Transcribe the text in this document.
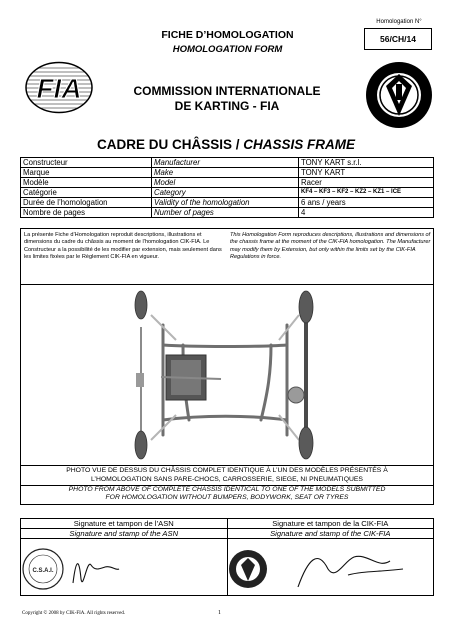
FICHE D’HOMOLOGATION
HOMOLOGATION FORM
Homologation N°
56/CH/14
FIA	COMMISSION INTERNATIONALE
DE KARTING - FIA
CADRE DU CHÂSSIS / CHASSIS FRAME
Constructeur	Manufacturer	TONY KART s.r.l.
Marque	Make	TONY KART
Modèle	Model	Racer
Catégorie	Category	KF4 – KF3 – KF2 – KZ2 – KZ1 – ICE
Durée de l’homologation	Validity of the homologation	6 ans / years
Nombre de pages	Number of pages	4
La présente Fiche d’Homologation reproduit descriptions, illustrations et dimensions du cadre du châssis au moment de l’homologation CIK-FIA. Le Constructeur a la possibilité de les modifier par extension, mais seulement dans les limites fixées par le Règlement CIK-FIA en vigueur.
This Homologation Form reproduces descriptions, illustrations and dimensions of the chassis frame at the moment of the CIK-FIA homologation. The Manufacturer may modify them by Extension, but only within the limits set by the CIK-FIA Regulations in force.
PHOTO VUE DE DESSUS DU CHÂSSIS COMPLET IDENTIQUE À L’UN DES MODÈLES PRÉSENTÉS À
L’HOMOLOGATION SANS PARE-CHOCS, CARROSSERIE, SIEGE, NI PNEUMATIQUES
PHOTO FROM ABOVE OF COMPLETE CHASSIS IDENTICAL TO ONE OF THE MODELS SUBMITTED
FOR HOMOLOGATION WITHOUT BUMPERS, BODYWORK, SEAT OR TYRES
Signature et tampon de l’ASN	Signature et tampon de la CIK-FIA
Signature and stamp of the ASN	Signature and stamp of the CIK-FIA

C.S.A.I.

Copyright © 2008 by CIK-FIA. All rights reserved.	1
